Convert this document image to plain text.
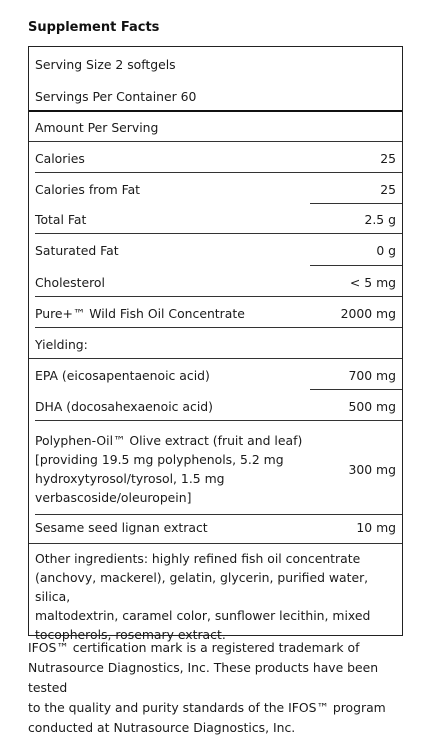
Supplement Facts
Serving Size 2 softgels
Servings Per Container 60
Amount Per Serving
Calories	25
Calories from Fat	25
Total Fat	2.5 g
Saturated Fat	0 g
Cholesterol	< 5 mg
Pure+™ Wild Fish Oil Concentrate	2000 mg
Yielding:
EPA (eicosapentaenoic acid)	700 mg
DHA (docosahexaenoic acid)	500 mg
Polyphen-Oil™ Olive extract (fruit and leaf)
[providing 19.5 mg polyphenols, 5.2 mg
hydroxytyrosol/tyrosol, 1.5 mg
verbascoside/oleuropein]
300 mg
Sesame seed lignan extract	10 mg
Other ingredients: highly refined fish oil concentrate
(anchovy, mackerel), gelatin, glycerin, purified water, silica,
maltodextrin, caramel color, sunflower lecithin, mixed
tocopherols, rosemary extract.
IFOS™ certification mark is a registered trademark of
Nutrasource Diagnostics, Inc. These products have been tested
to the quality and purity standards of the IFOS™ program
conducted at Nutrasource Diagnostics, Inc.
